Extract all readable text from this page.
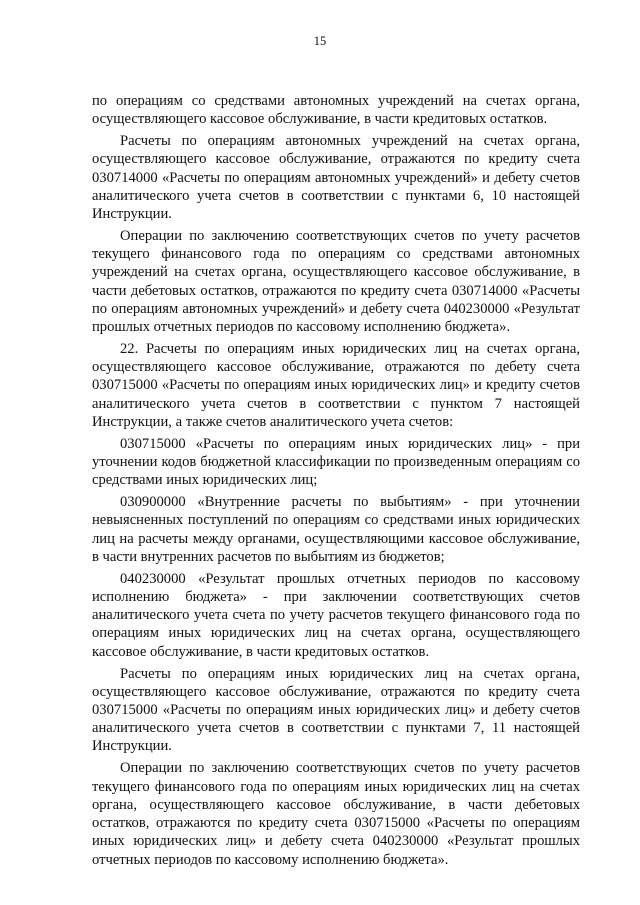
15

по операциям со средствами автономных учреждений на счетах органа, осуществляющего кассовое обслуживание, в части кредитовых остатков.

Расчеты по операциям автономных учреждений на счетах органа, осуществляющего кассовое обслуживание, отражаются по кредиту счета 030714000 «Расчеты по операциям автономных учреждений» и дебету счетов аналитического учета счетов в соответствии с пунктами 6, 10 настоящей Инструкции.

Операции по заключению соответствующих счетов по учету расчетов текущего финансового года по операциям со средствами автономных учреждений на счетах органа, осуществляющего кассовое обслуживание, в части дебетовых остатков, отражаются по кредиту счета 030714000 «Расчеты по операциям автономных учреждений» и дебету счета 040230000 «Результат прошлых отчетных периодов по кассовому исполнению бюджета».

22. Расчеты по операциям иных юридических лиц на счетах органа, осуществляющего кассовое обслуживание, отражаются по дебету счета 030715000 «Расчеты по операциям иных юридических лиц» и кредиту счетов аналитического учета счетов в соответствии с пунктом 7 настоящей Инструкции, а также счетов аналитического учета счетов:

030715000 «Расчеты по операциям иных юридических лиц» - при уточнении кодов бюджетной классификации по произведенным операциям со средствами иных юридических лиц;

030900000 «Внутренние расчеты по выбытиям» - при уточнении невыясненных поступлений по операциям со средствами иных юридических лиц на расчеты между органами, осуществляющими кассовое обслуживание, в части внутренних расчетов по выбытиям из бюджетов;

040230000 «Результат прошлых отчетных периодов по кассовому исполнению бюджета» - при заключении соответствующих счетов аналитического учета счета по учету расчетов текущего финансового года по операциям иных юридических лиц на счетах органа, осуществляющего кассовое обслуживание, в части кредитовых остатков.

Расчеты по операциям иных юридических лиц на счетах органа, осуществляющего кассовое обслуживание, отражаются по кредиту счета 030715000 «Расчеты по операциям иных юридических лиц» и дебету счетов аналитического учета счетов в соответствии с пунктами 7, 11 настоящей Инструкции.

Операции по заключению соответствующих счетов по учету расчетов текущего финансового года по операциям иных юридических лиц на счетах органа, осуществляющего кассовое обслуживание, в части дебетовых остатков, отражаются по кредиту счета 030715000 «Расчеты по операциям иных юридических лиц» и дебету счета 040230000 «Результат прошлых отчетных периодов по кассовому исполнению бюджета».
